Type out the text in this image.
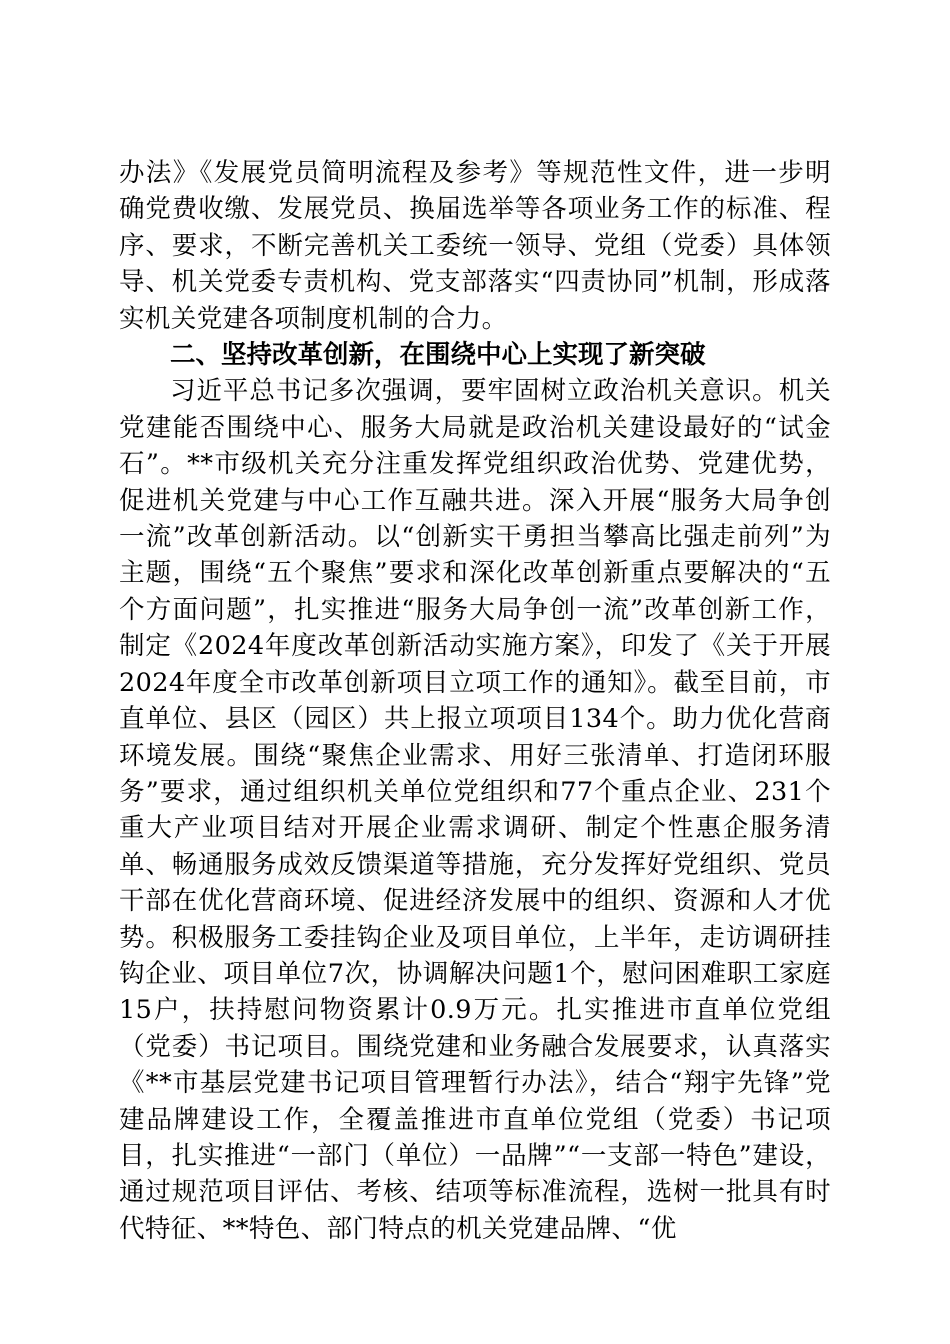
办法》《发展党员简明流程及参考》等规范性文件，进一步明确党费收缴、发展党员、换届选举等各项业务工作的标准、程序、要求，不断完善机关工委统一领导、党组（党委）具体领导、机关党委专责机构、党支部落实“四责协同”机制，形成落实机关党建各项制度机制的合力。

二、坚持改革创新，在围绕中心上实现了新突破

习近平总书记多次强调，要牢固树立政治机关意识。机关党建能否围绕中心、服务大局就是政治机关建设最好的“试金石”。**市级机关充分注重发挥党组织政治优势、党建优势，促进机关党建与中心工作互融共进。深入开展“服务大局争创一流”改革创新活动。以“创新实干勇担当攀高比强走前列”为主题，围绕“五个聚焦”要求和深化改革创新重点要解决的“五个方面问题”，扎实推进“服务大局争创一流”改革创新工作，制定《2024年度改革创新活动实施方案》，印发了《关于开展2024年度全市改革创新项目立项工作的通知》。截至目前，市直单位、县区（园区）共上报立项项目134个。助力优化营商环境发展。围绕“聚焦企业需求、用好三张清单、打造闭环服务”要求，通过组织机关单位党组织和77个重点企业、231个重大产业项目结对开展企业需求调研、制定个性惠企服务清单、畅通服务成效反馈渠道等措施，充分发挥好党组织、党员干部在优化营商环境、促进经济发展中的组织、资源和人才优势。积极服务工委挂钩企业及项目单位，上半年，走访调研挂钩企业、项目单位7次，协调解决问题1个，慰问困难职工家庭15户，扶持慰问物资累计0.9万元。扎实推进市直单位党组（党委）书记项目。围绕党建和业务融合发展要求，认真落实《**市基层党建书记项目管理暂行办法》，结合“翔宇先锋”党建品牌建设工作，全覆盖推进市直单位党组（党委）书记项目，扎实推进“一部门（单位）一品牌”“一支部一特色”建设，通过规范项目评估、考核、结项等标准流程，选树一批具有时代特征、**特色、部门特点的机关党建品牌、“优
